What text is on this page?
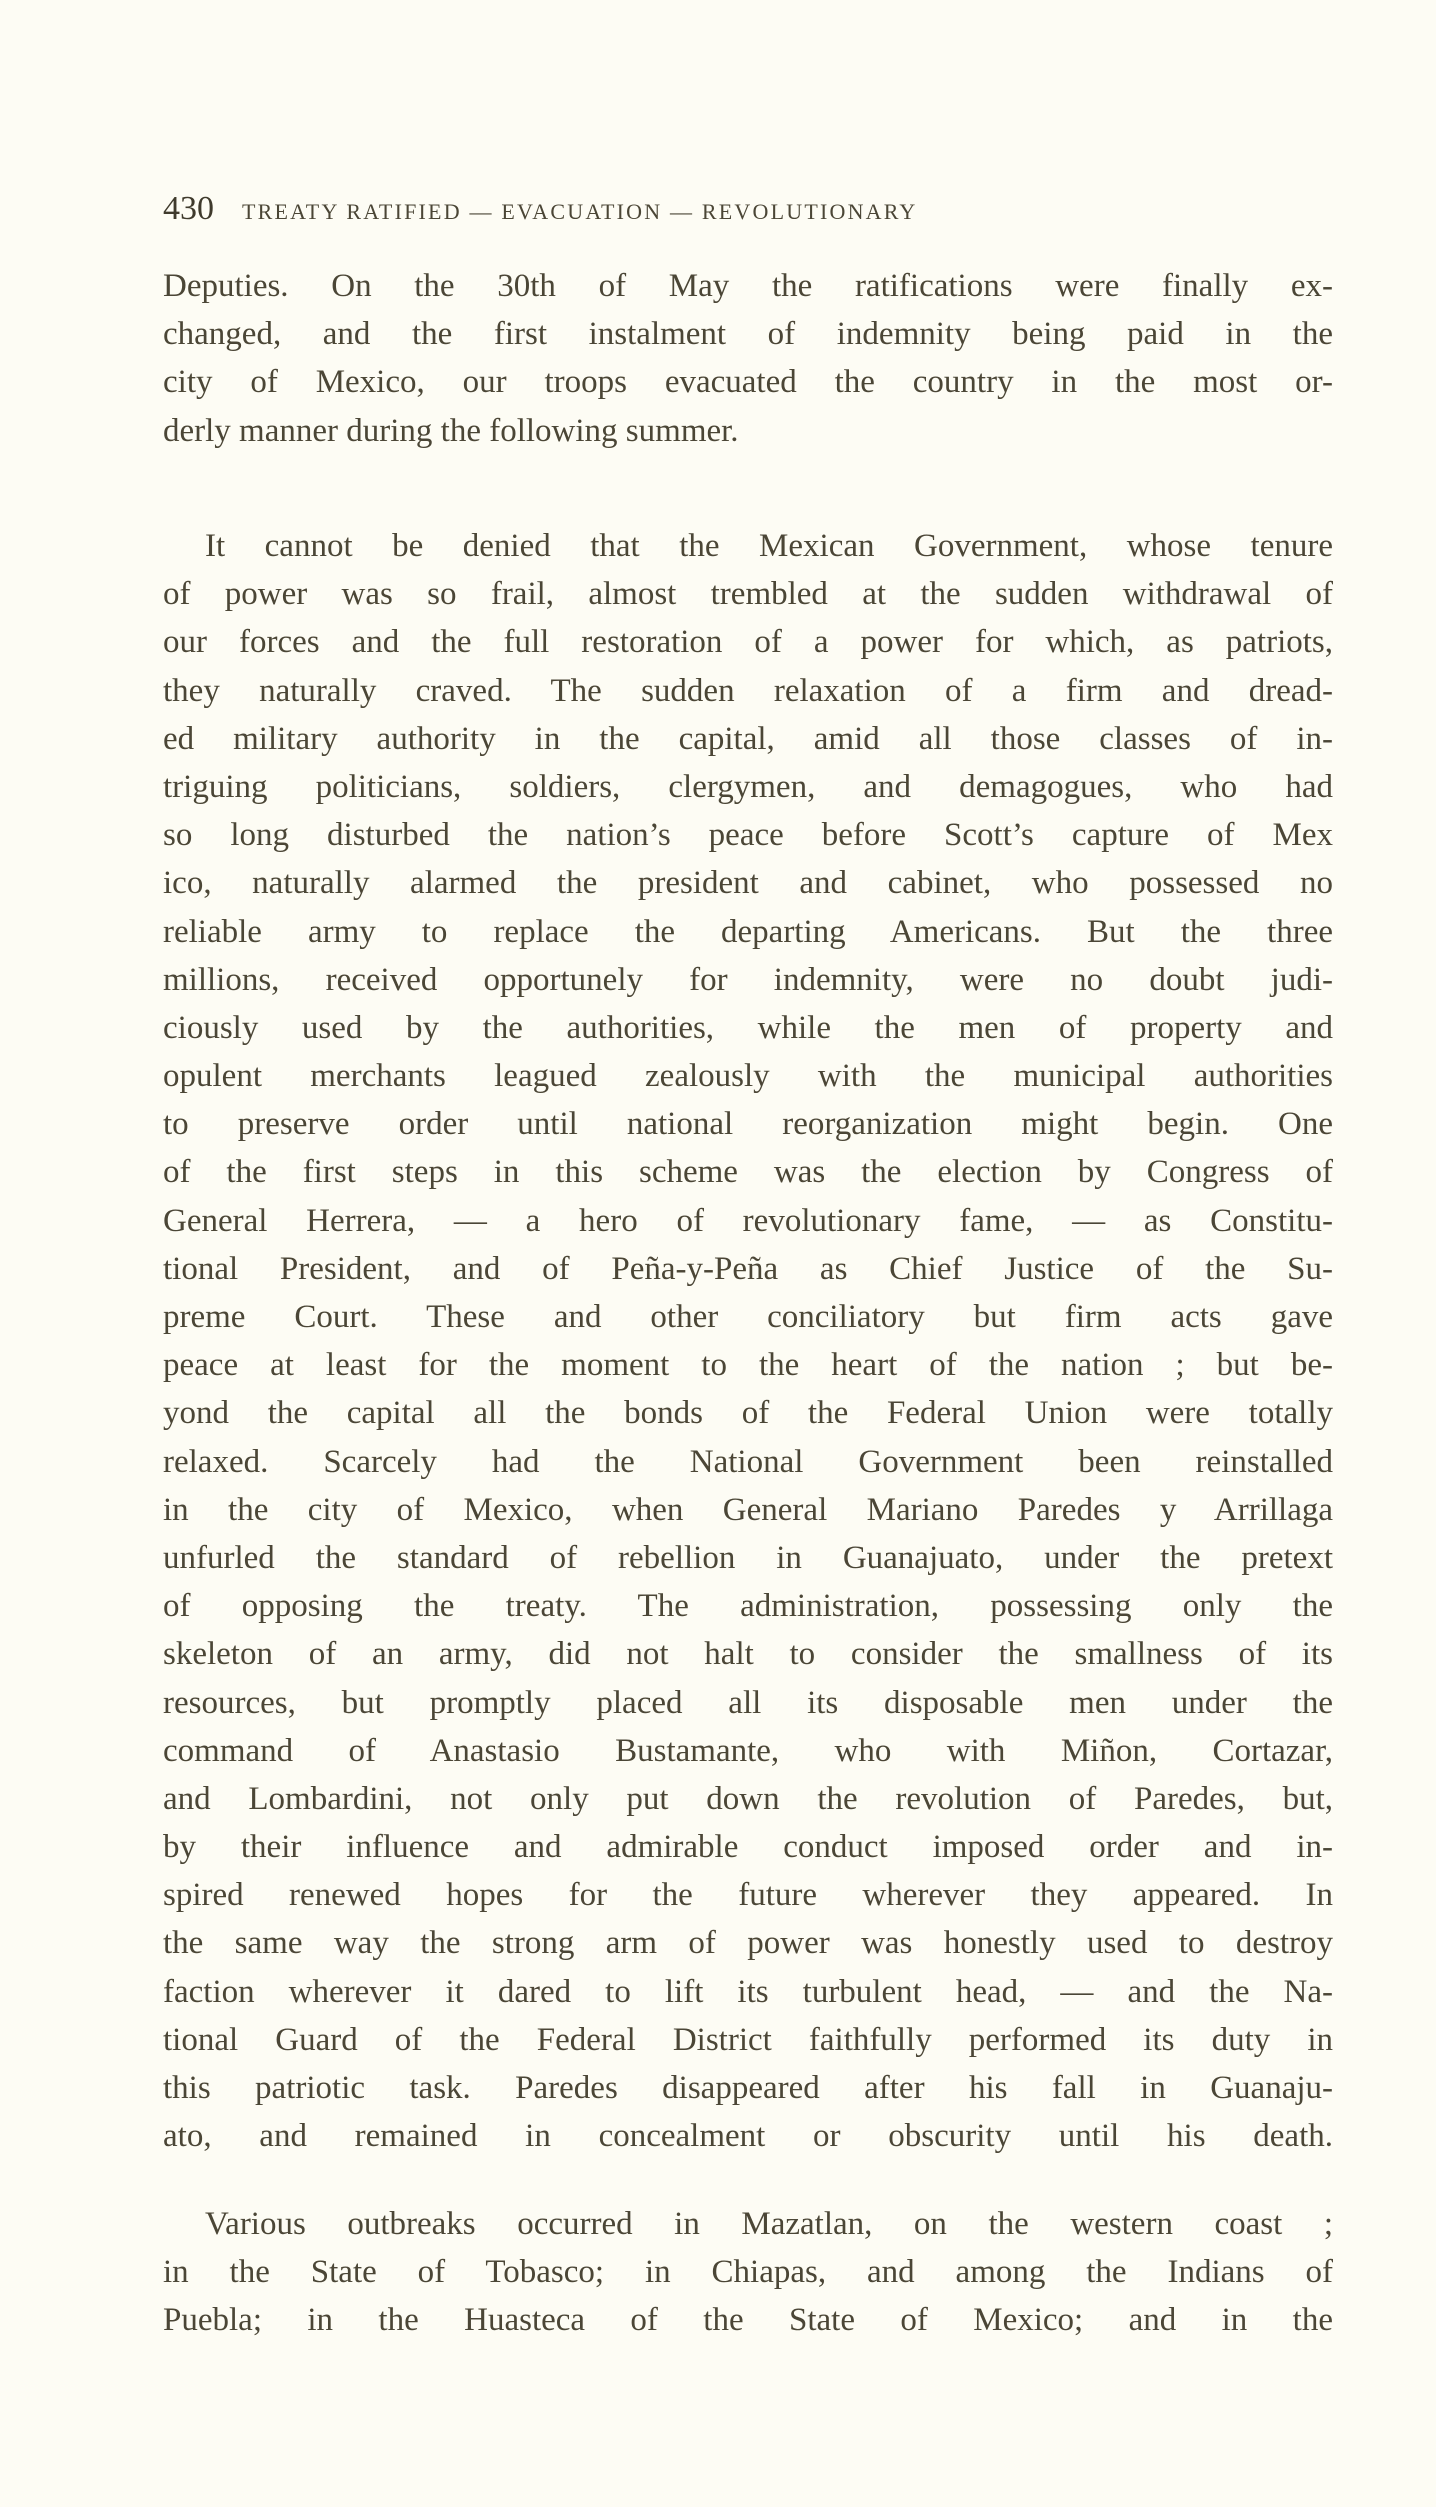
430 TREATY RATIFIED — EVACUATION — REVOLUTIONARY
Deputies. On the 30th of May the ratifications were finally ex-
changed, and the first instalment of indemnity being paid in the
city of Mexico, our troops evacuated the country in the most or-
derly manner during the following summer.
It cannot be denied that the Mexican Government, whose tenure
of power was so frail, almost trembled at the sudden withdrawal of
our forces and the full restoration of a power for which, as patriots,
they naturally craved. The sudden relaxation of a firm and dread-
ed military authority in the capital, amid all those classes of in-
triguing politicians, soldiers, clergymen, and demagogues, who had
so long disturbed the nation’s peace before Scott’s capture of Mex
ico, naturally alarmed the president and cabinet, who possessed no
reliable army to replace the departing Americans. But the three
millions, received opportunely for indemnity, were no doubt judi-
ciously used by the authorities, while the men of property and
opulent merchants leagued zealously with the municipal authorities
to preserve order until national reorganization might begin. One
of the first steps in this scheme was the election by Congress of
General Herrera, — a hero of revolutionary fame, — as Constitu-
tional President, and of Peña-y-Peña as Chief Justice of the Su-
preme Court. These and other conciliatory but firm acts gave
peace at least for the moment to the heart of the nation ; but be-
yond the capital all the bonds of the Federal Union were totally
relaxed. Scarcely had the National Government been reinstalled
in the city of Mexico, when General Mariano Paredes y Arrillaga
unfurled the standard of rebellion in Guanajuato, under the pretext
of opposing the treaty. The administration, possessing only the
skeleton of an army, did not halt to consider the smallness of its
resources, but promptly placed all its disposable men under the
command of Anastasio Bustamante, who with Miñon, Cortazar,
and Lombardini, not only put down the revolution of Paredes, but,
by their influence and admirable conduct imposed order and in-
spired renewed hopes for the future wherever they appeared. In
the same way the strong arm of power was honestly used to destroy
faction wherever it dared to lift its turbulent head, — and the Na-
tional Guard of the Federal District faithfully performed its duty in
this patriotic task. Paredes disappeared after his fall in Guanaju-
ato, and remained in concealment or obscurity until his death.
Various outbreaks occurred in Mazatlan, on the western coast ;
in the State of Tobasco; in Chiapas, and among the Indians of
Puebla; in the Huasteca of the State of Mexico; and in the
